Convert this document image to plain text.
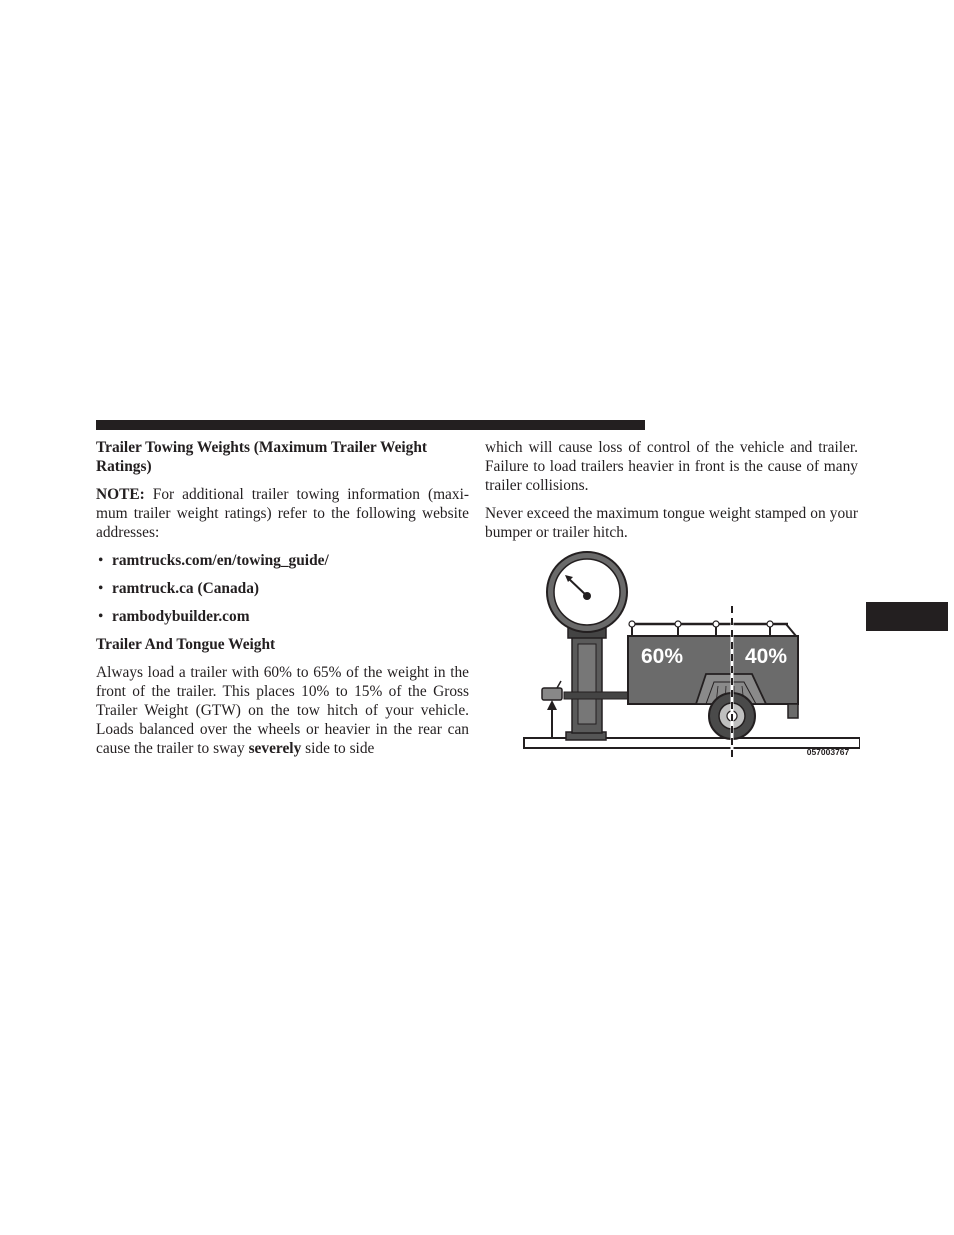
Trailer Towing Weights (Maximum Trailer Weight Ratings)

NOTE: For additional trailer towing information (maxi-mum trailer weight ratings) refer to the following website addresses:

• ramtrucks.com/en/towing_guide/
• ramtruck.ca (Canada)
• rambodybuilder.com

Trailer And Tongue Weight

Always load a trailer with 60% to 65% of the weight in the front of the trailer. This places 10% to 15% of the Gross Trailer Weight (GTW) on the tow hitch of your vehicle. Loads balanced over the wheels or heavier in the rear can cause the trailer to sway severely side to side

which will cause loss of control of the vehicle and trailer. Failure to load trailers heavier in front is the cause of many trailer collisions.

Never exceed the maximum tongue weight stamped on your bumper or trailer hitch.

60%	40%
057003767
